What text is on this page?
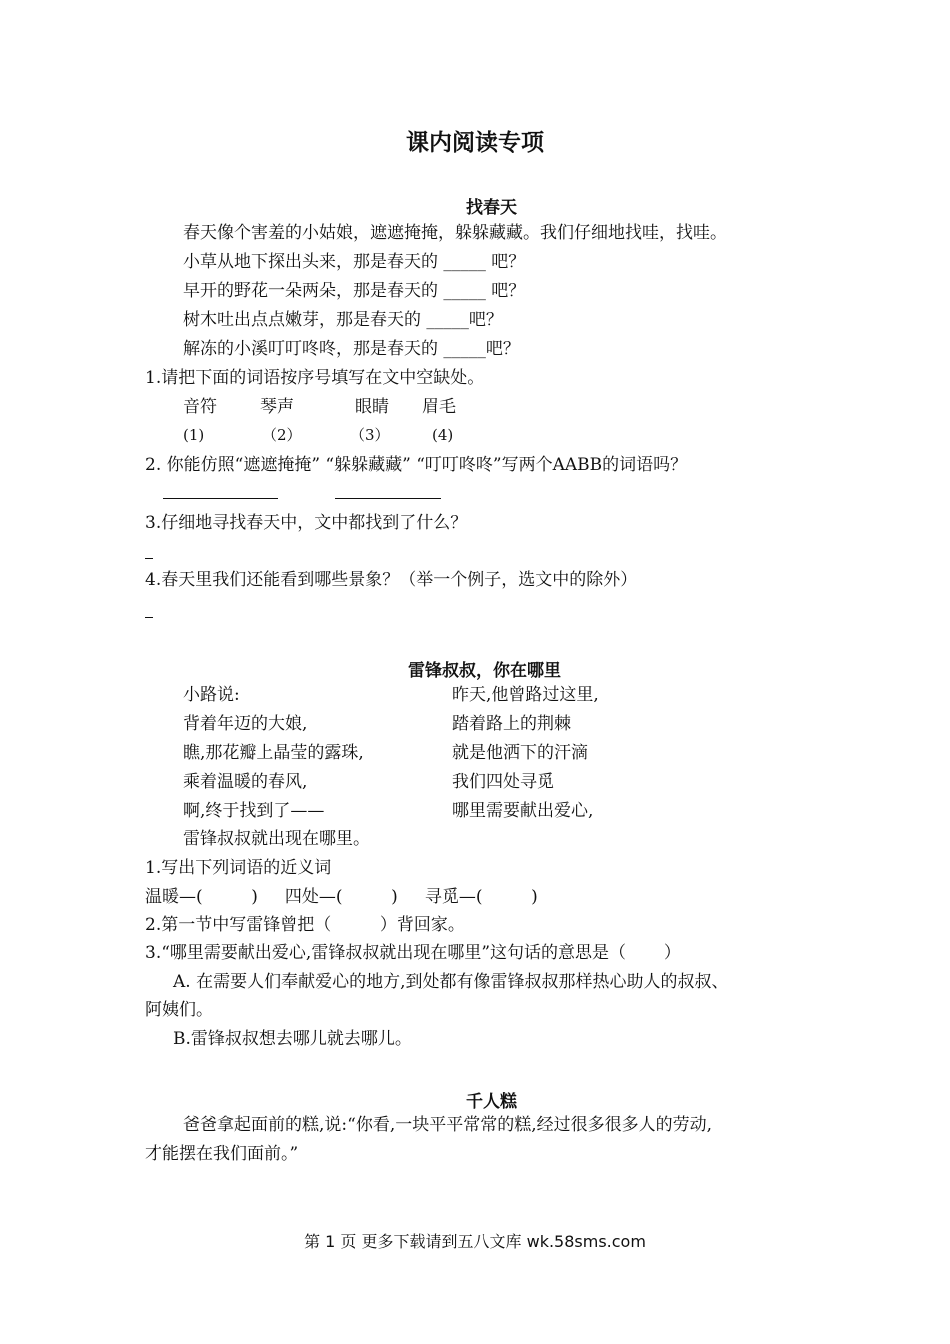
课内阅读专项
找春天
春天像个害羞的小姑娘，遮遮掩掩，躲躲藏藏。我们仔细地找哇，找哇。
小草从地下探出头来，那是春天的 _____ 吧？
早开的野花一朵两朵，那是春天的 _____ 吧？
树木吐出点点嫩芽，那是春天的 _____吧？
解冻的小溪叮叮咚咚，那是春天的 _____吧？
1.请把下面的词语按序号填写在文中空缺处。
音符	琴声	眼睛 眉毛
(1)	（2）	（3）	(4)
2. 你能仿照“遮遮掩掩” “躲躲藏藏” “叮叮咚咚”写两个AABB的词语吗？
3.仔细地寻找春天中，文中都找到了什么？
4.春天里我们还能看到哪些景象？（举一个例子，选文中的除外）
雷锋叔叔，你在哪里
小路说:
背着年迈的大娘,
瞧,那花瓣上晶莹的露珠,
乘着温暖的春风,
啊,终于找到了——
雷锋叔叔就出现在哪里。
昨天,他曾路过这里,
踏着路上的荆棘
就是他洒下的汗滴
我们四处寻觅
哪里需要献出爱心,
1.写出下列词语的近义词
温暖—(         )     四处—(         )     寻觅—(         )
2.第一节中写雷锋曾把（         ）背回家。
3.“哪里需要献出爱心,雷锋叔叔就出现在哪里”这句话的意思是（       ）
A. 在需要人们奉献爱心的地方,到处都有像雷锋叔叔那样热心助人的叔叔、
阿姨们。
B.雷锋叔叔想去哪儿就去哪儿。
千人糕
爸爸拿起面前的糕,说:“你看,一块平平常常的糕,经过很多很多人的劳动,
才能摆在我们面前。”
第 1 页 更多下载请到五八文库 wk.58sms.com
